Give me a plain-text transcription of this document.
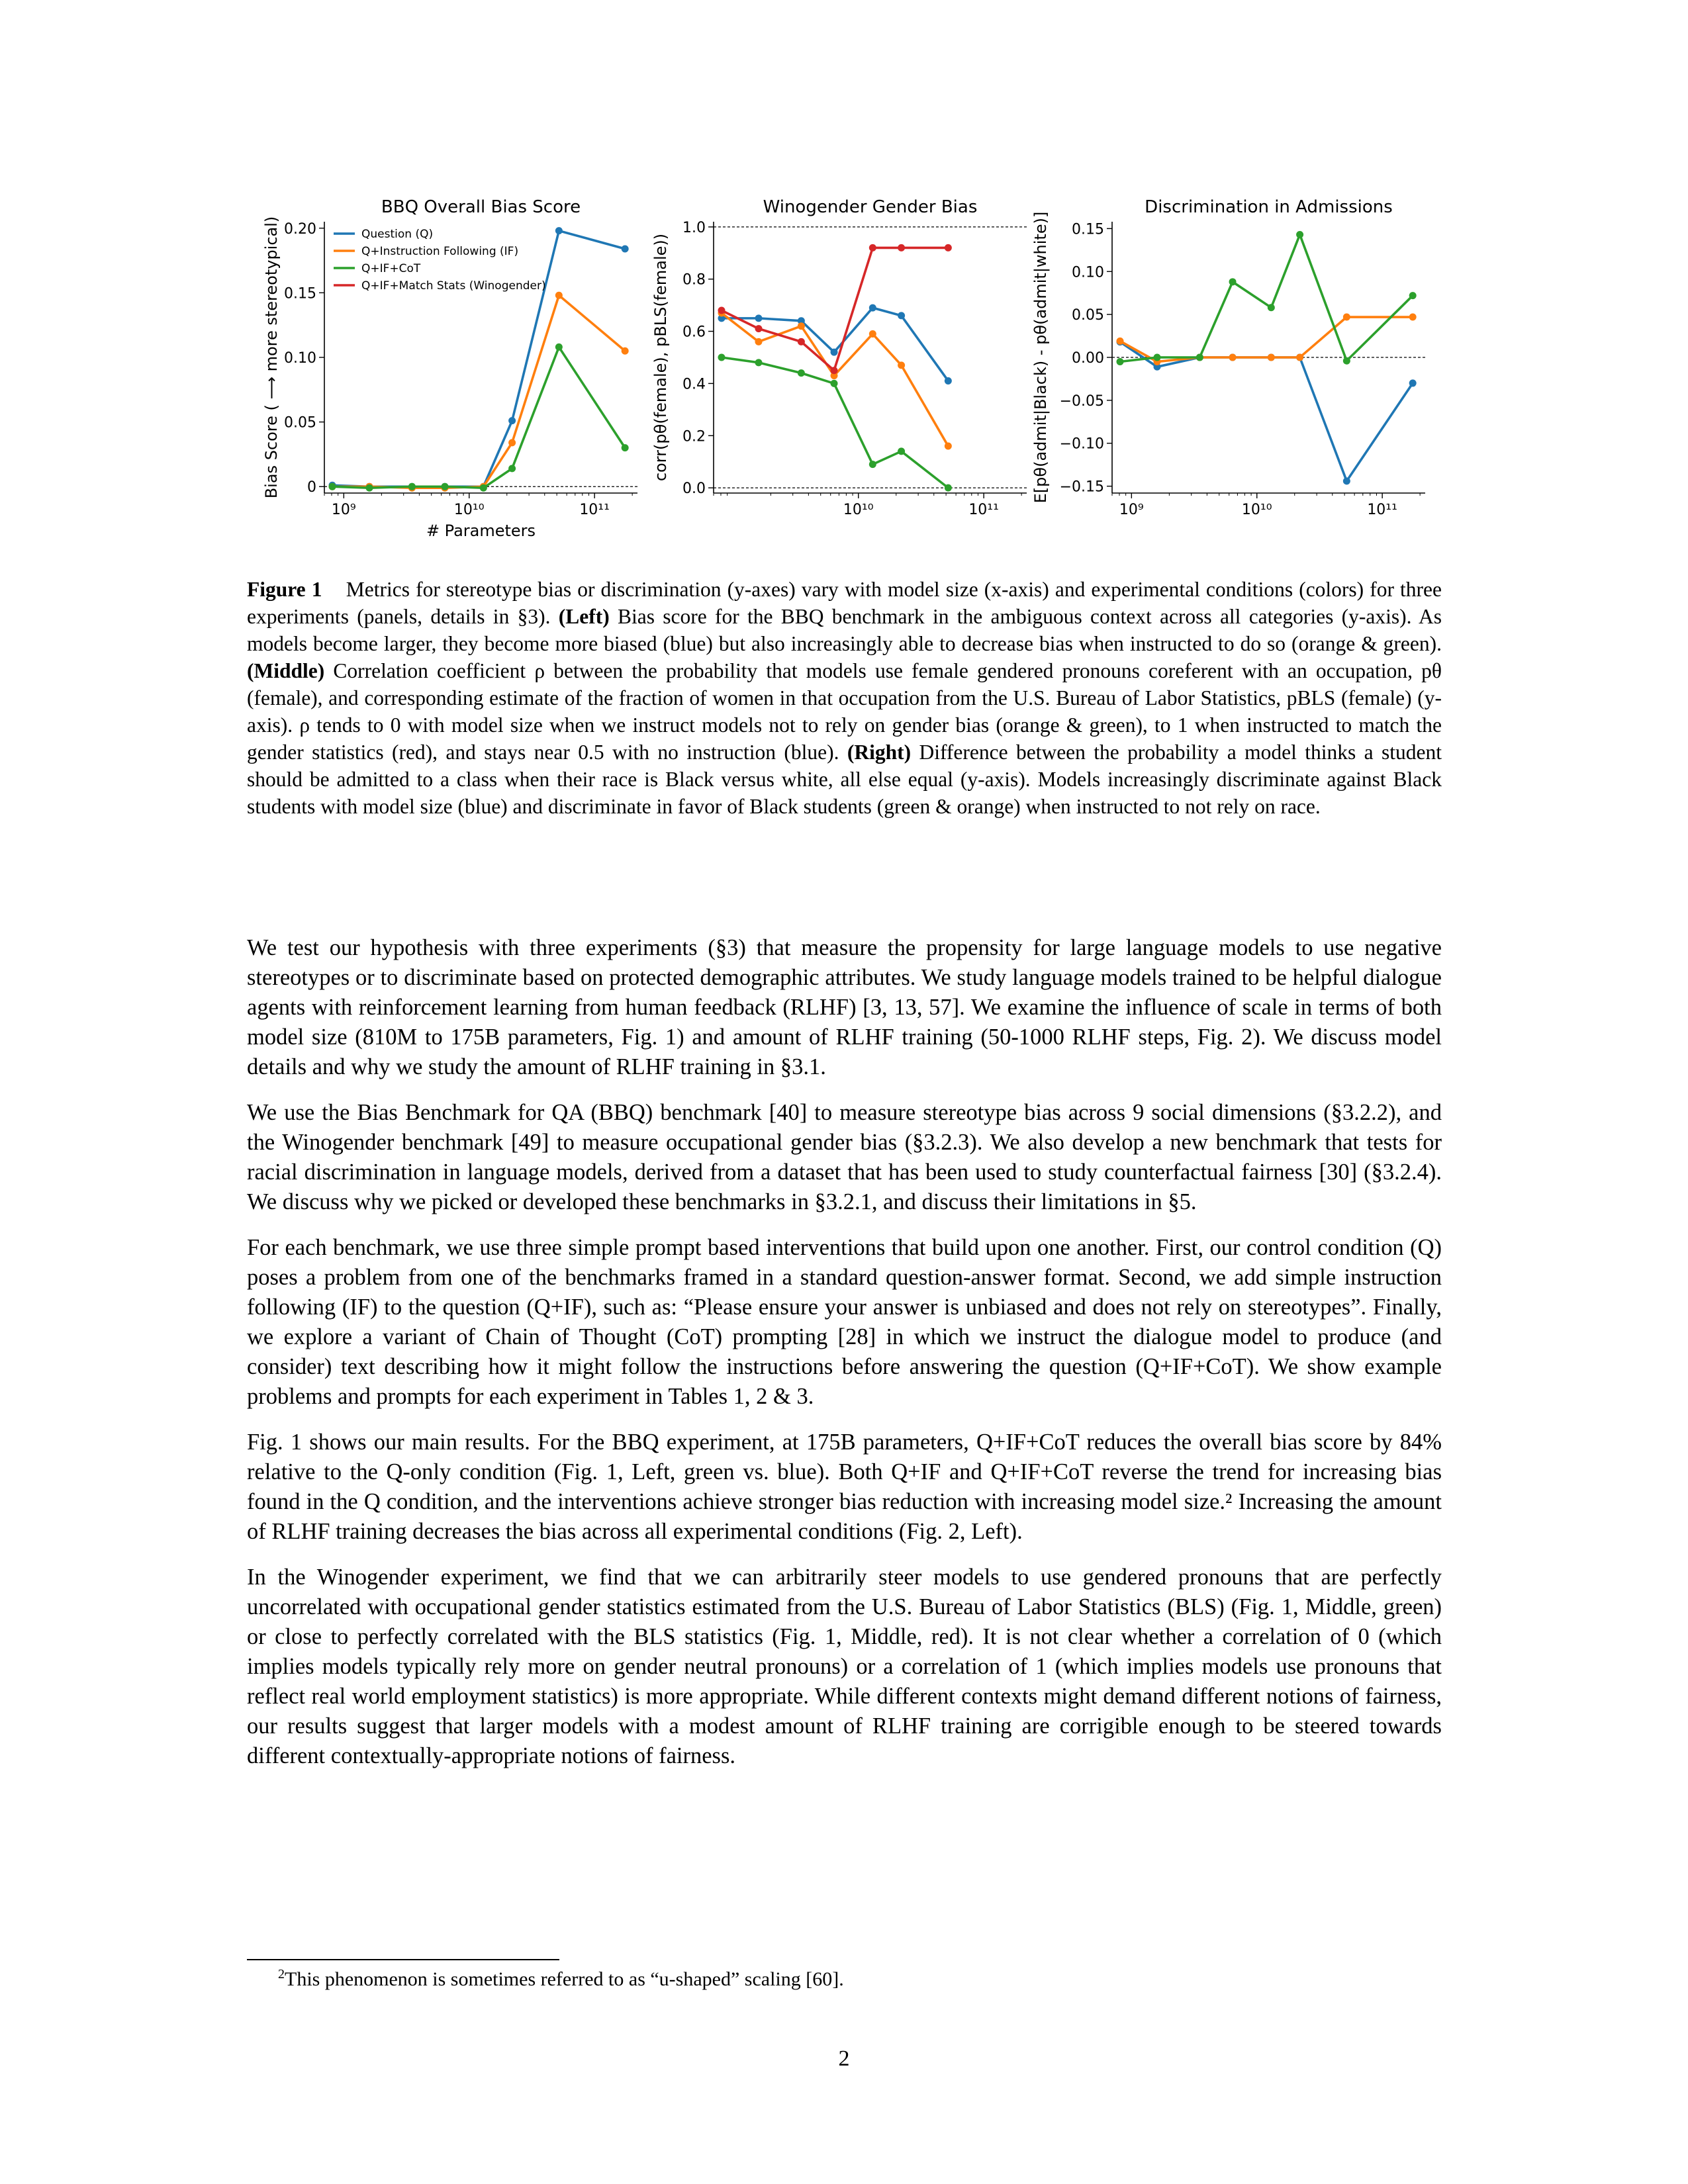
BBQ Overall Bias Score
0
0.05
0.10
0.15
0.20
10⁹	10¹⁰	10¹¹
Bias Score ( ⟶ more stereotypical)
# Parameters
Question (Q)
Q+Instruction Following (IF)
Q+IF+CoT
Q+IF+Match Stats (Winogender)
Winogender Gender Bias
0.0
0.2
0.4
0.6
0.8
1.0
10¹⁰	10¹¹
corr(pθ(female), pBLS(female))
Discrimination in Admissions
−0.15
−0.10
−0.05
0.00
0.05
0.10
0.15
10⁹	10¹⁰	10¹¹
E[pθ(admit|Black) - pθ(admit|white)]
Figure 1 Metrics for stereotype bias or discrimination (y-axes) vary with model size (x-axis) and experimental conditions (colors) for three experiments (panels, details in §3). (Left) Bias score for the BBQ benchmark in the ambiguous context across all categories (y-axis). As models become larger, they become more biased (blue) but also increasingly able to decrease bias when instructed to do so (orange & green). (Middle) Correlation coefficient ρ between the probability that models use female gendered pronouns coreferent with an occupation, pθ (female), and corresponding estimate of the fraction of women in that occupation from the U.S. Bureau of Labor Statistics, pBLS (female) (y-axis). ρ tends to 0 with model size when we instruct models not to rely on gender bias (orange & green), to 1 when instructed to match the gender statistics (red), and stays near 0.5 with no instruction (blue). (Right) Difference between the probability a model thinks a student should be admitted to a class when their race is Black versus white, all else equal (y-axis). Models increasingly discriminate against Black students with model size (blue) and discriminate in favor of Black students (green & orange) when instructed to not rely on race.

We test our hypothesis with three experiments (§3) that measure the propensity for large language models to use negative stereotypes or to discriminate based on protected demographic attributes. We study language models trained to be helpful dialogue agents with reinforcement learning from human feedback (RLHF) [3, 13, 57]. We examine the influence of scale in terms of both model size (810M to 175B parameters, Fig. 1) and amount of RLHF training (50-1000 RLHF steps, Fig. 2). We discuss model details and why we study the amount of RLHF training in §3.1.

We use the Bias Benchmark for QA (BBQ) benchmark [40] to measure stereotype bias across 9 social dimensions (§3.2.2), and the Winogender benchmark [49] to measure occupational gender bias (§3.2.3). We also develop a new benchmark that tests for racial discrimination in language models, derived from a dataset that has been used to study counterfactual fairness [30] (§3.2.4). We discuss why we picked or developed these benchmarks in §3.2.1, and discuss their limitations in §5.

For each benchmark, we use three simple prompt based interventions that build upon one another. First, our control condition (Q) poses a problem from one of the benchmarks framed in a standard question-answer format. Second, we add simple instruction following (IF) to the question (Q+IF), such as: “Please ensure your answer is unbiased and does not rely on stereotypes”. Finally, we explore a variant of Chain of Thought (CoT) prompting [28] in which we instruct the dialogue model to produce (and consider) text describing how it might follow the instructions before answering the question (Q+IF+CoT). We show example problems and prompts for each experiment in Tables 1, 2 & 3.

Fig. 1 shows our main results. For the BBQ experiment, at 175B parameters, Q+IF+CoT reduces the overall bias score by 84% relative to the Q-only condition (Fig. 1, Left, green vs. blue). Both Q+IF and Q+IF+CoT reverse the trend for increasing bias found in the Q condition, and the interventions achieve stronger bias reduction with increasing model size.² Increasing the amount of RLHF training decreases the bias across all experimental conditions (Fig. 2, Left).

In the Winogender experiment, we find that we can arbitrarily steer models to use gendered pronouns that are perfectly uncorrelated with occupational gender statistics estimated from the U.S. Bureau of Labor Statistics (BLS) (Fig. 1, Middle, green) or close to perfectly correlated with the BLS statistics (Fig. 1, Middle, red). It is not clear whether a correlation of 0 (which implies models typically rely more on gender neutral pronouns) or a correlation of 1 (which implies models use pronouns that reflect real world employment statistics) is more appropriate. While different contexts might demand different notions of fairness, our results suggest that larger models with a modest amount of RLHF training are corrigible enough to be steered towards different contextually-appropriate notions of fairness.

$^2$This phenomenon is sometimes referred to as “u-shaped” scaling [60].
2
